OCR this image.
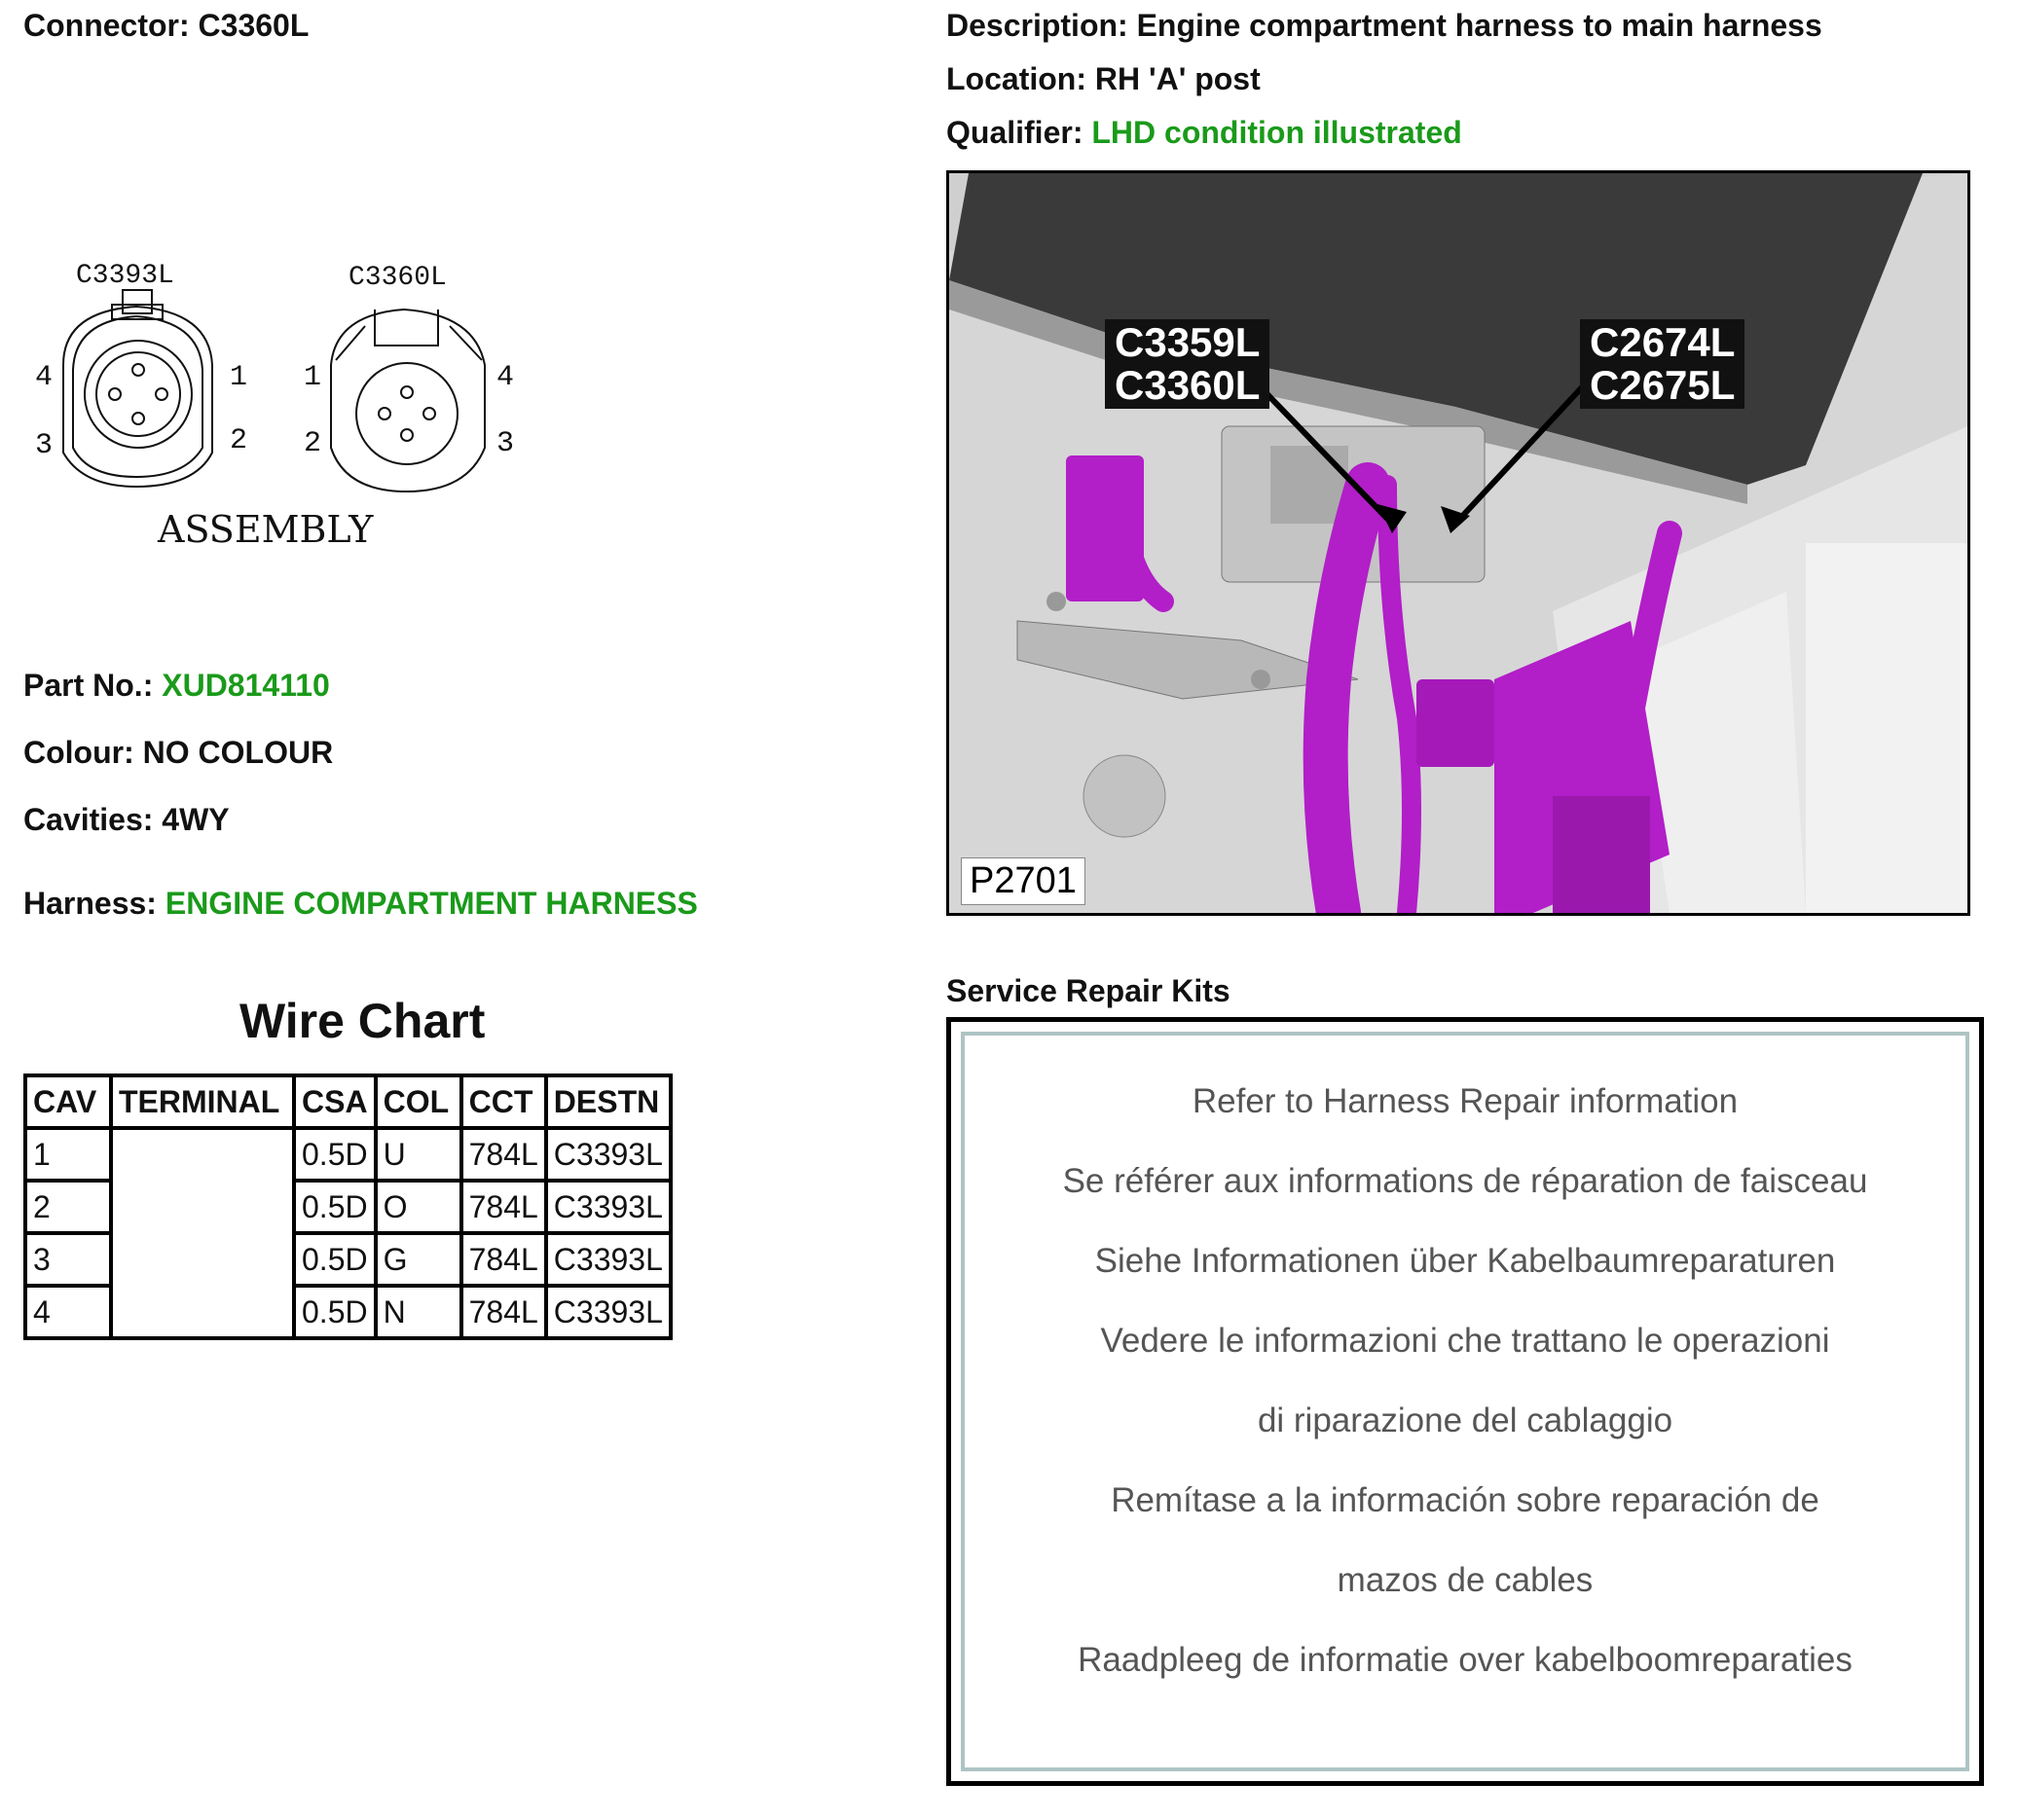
Connector: C3360L
C3393L	C3360L
4	1
3	2
1	4
2	3
ASSEMBLY
Part No.: XUD814110
Colour: NO COLOUR
Cavities: 4WY
Harness: ENGINE COMPARTMENT HARNESS
Wire Chart
CAV	TERMINAL	CSA	COL	CCT	DESTN
1		0.5D	U	784L	C3393L
2		0.5D	O	784L	C3393L
3		0.5D	G	784L	C3393L
4		0.5D	N	784L	C3393L
Description: Engine compartment harness to main harness
Location: RH 'A' post
Qualifier: LHD condition illustrated
C3359L
C3360L
C2674L
C2675L
P2701
Service Repair Kits
Refer to Harness Repair information
Se référer aux informations de réparation de faisceau
Siehe Informationen über Kabelbaumreparaturen
Vedere le informazioni che trattano le operazioni
di riparazione del cablaggio
Remítase a la información sobre reparación de
mazos de cables
Raadpleeg de informatie over kabelboomreparaties
